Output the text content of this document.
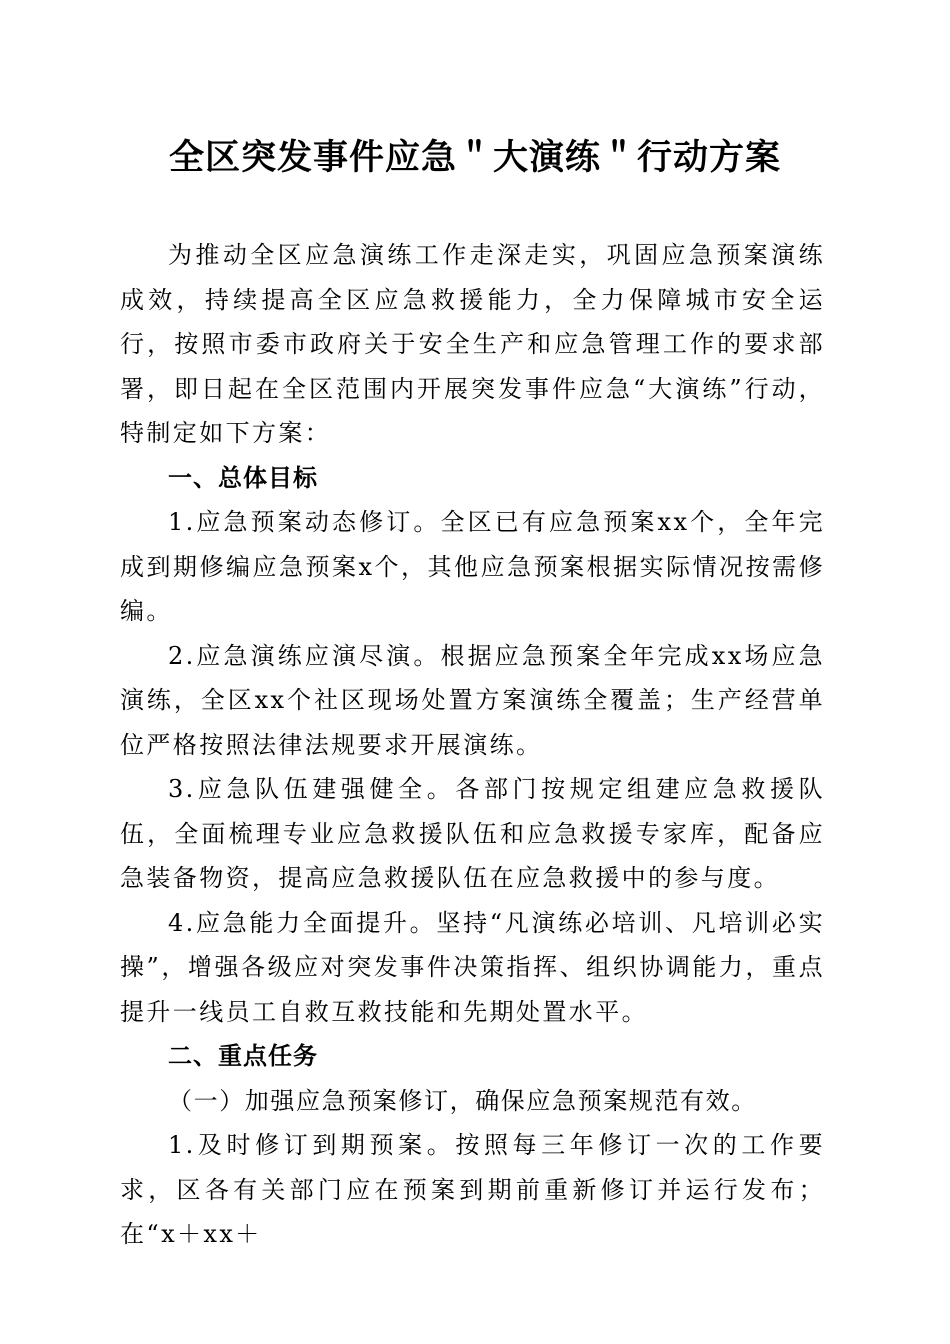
全区突发事件应急＂大演练＂行动方案

为推动全区应急演练工作走深走实，巩固应急预案演练成效，持续提高全区应急救援能力，全力保障城市安全运行，按照市委市政府关于安全生产和应急管理工作的要求部署，即日起在全区范围内开展突发事件应急“大演练”行动，特制定如下方案：

一、总体目标

1.应急预案动态修订。全区已有应急预案xx个，全年完成到期修编应急预案x个，其他应急预案根据实际情况按需修编。

2.应急演练应演尽演。根据应急预案全年完成xx场应急演练，全区xx个社区现场处置方案演练全覆盖；生产经营单位严格按照法律法规要求开展演练。

3.应急队伍建强健全。各部门按规定组建应急救援队伍，全面梳理专业应急救援队伍和应急救援专家库，配备应急装备物资，提高应急救援队伍在应急救援中的参与度。

4.应急能力全面提升。坚持“凡演练必培训、凡培训必实操”，增强各级应对突发事件决策指挥、组织协调能力，重点提升一线员工自救互救技能和先期处置水平。

二、重点任务

（一）加强应急预案修订，确保应急预案规范有效。

1.及时修订到期预案。按照每三年修订一次的工作要求，区各有关部门应在预案到期前重新修订并运行发布；在“x＋xx＋
